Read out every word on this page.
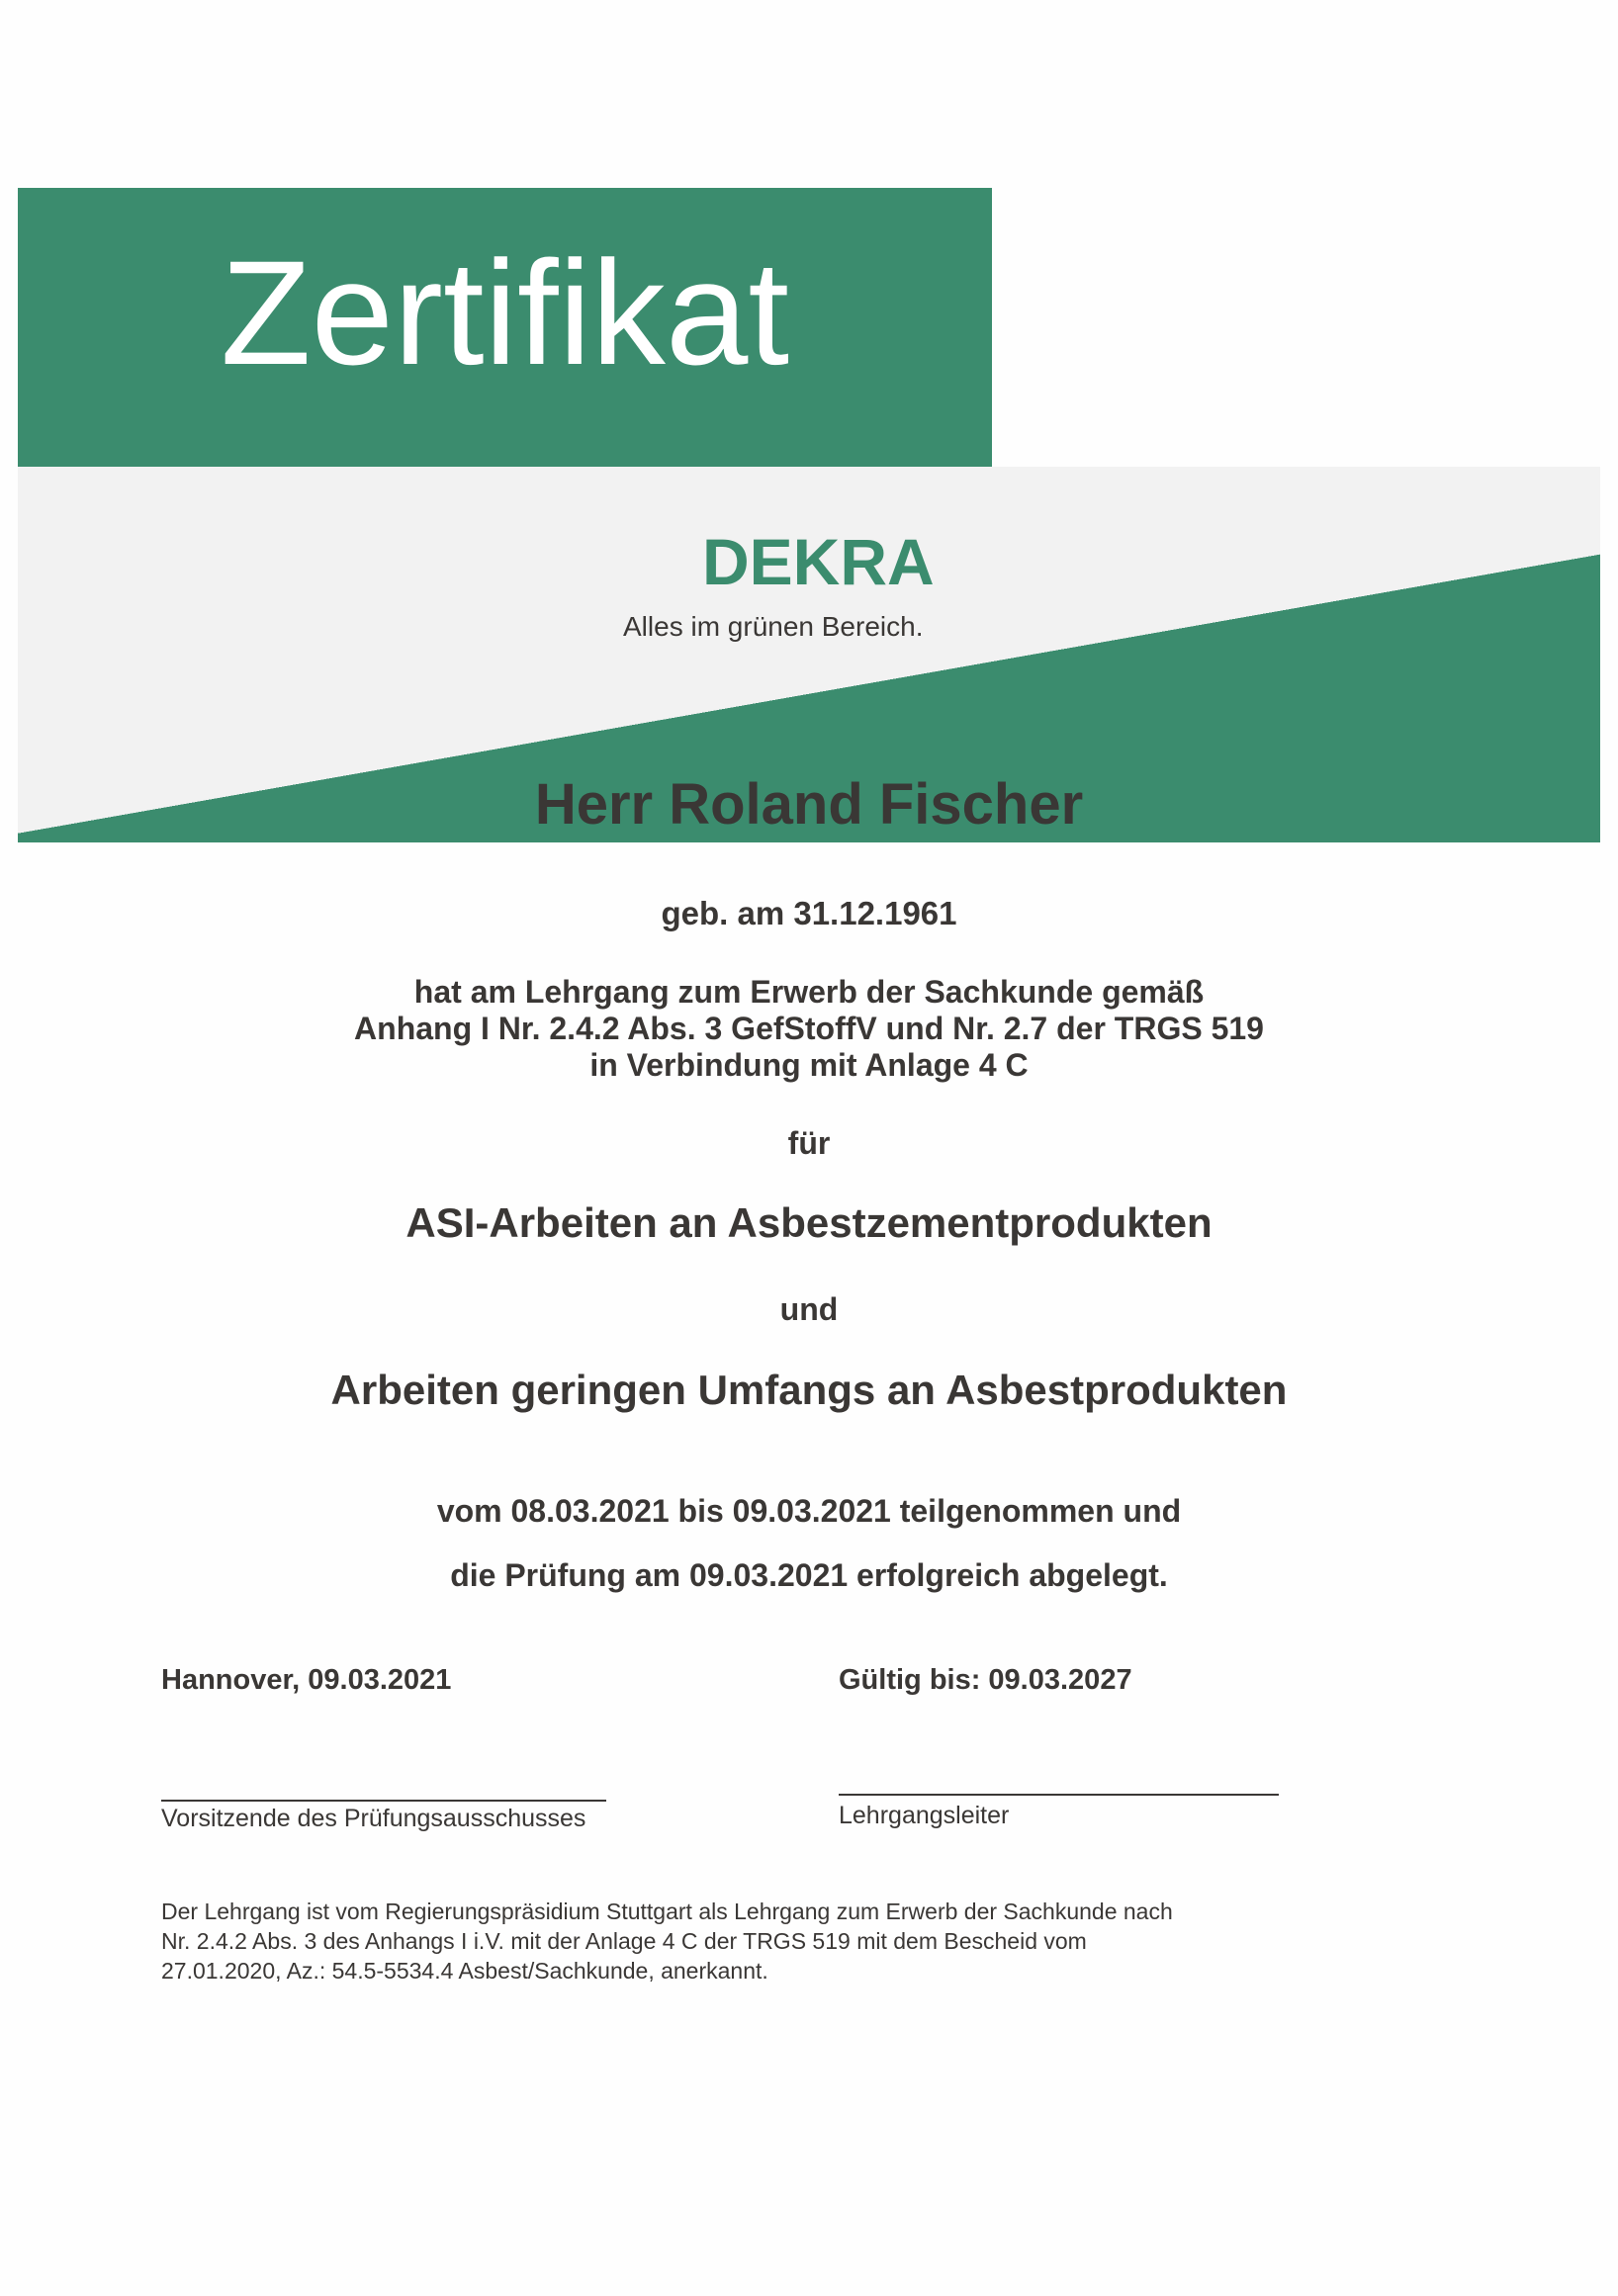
Zertifikat
DEKRA
Alles im grünen Bereich.
Herr Roland Fischer
geb. am 31.12.1961
hat am Lehrgang zum Erwerb der Sachkunde gemäß
Anhang I Nr. 2.4.2 Abs. 3 GefStoffV und Nr. 2.7 der TRGS 519
in Verbindung mit Anlage 4 C
für
ASI-Arbeiten an Asbestzementprodukten
und
Arbeiten geringen Umfangs an Asbestprodukten
vom 08.03.2021 bis 09.03.2021 teilgenommen und
die Prüfung am 09.03.2021 erfolgreich abgelegt.
Hannover, 09.03.2021
Vorsitzende des Prüfungsausschusses
Gültig bis: 09.03.2027
Lehrgangsleiter
Der Lehrgang ist vom Regierungspräsidium Stuttgart als Lehrgang zum Erwerb der Sachkunde nach
Nr. 2.4.2 Abs. 3 des Anhangs I i.V. mit der Anlage 4 C der TRGS 519 mit dem Bescheid vom
27.01.2020, Az.: 54.5-5534.4 Asbest/Sachkunde, anerkannt.
